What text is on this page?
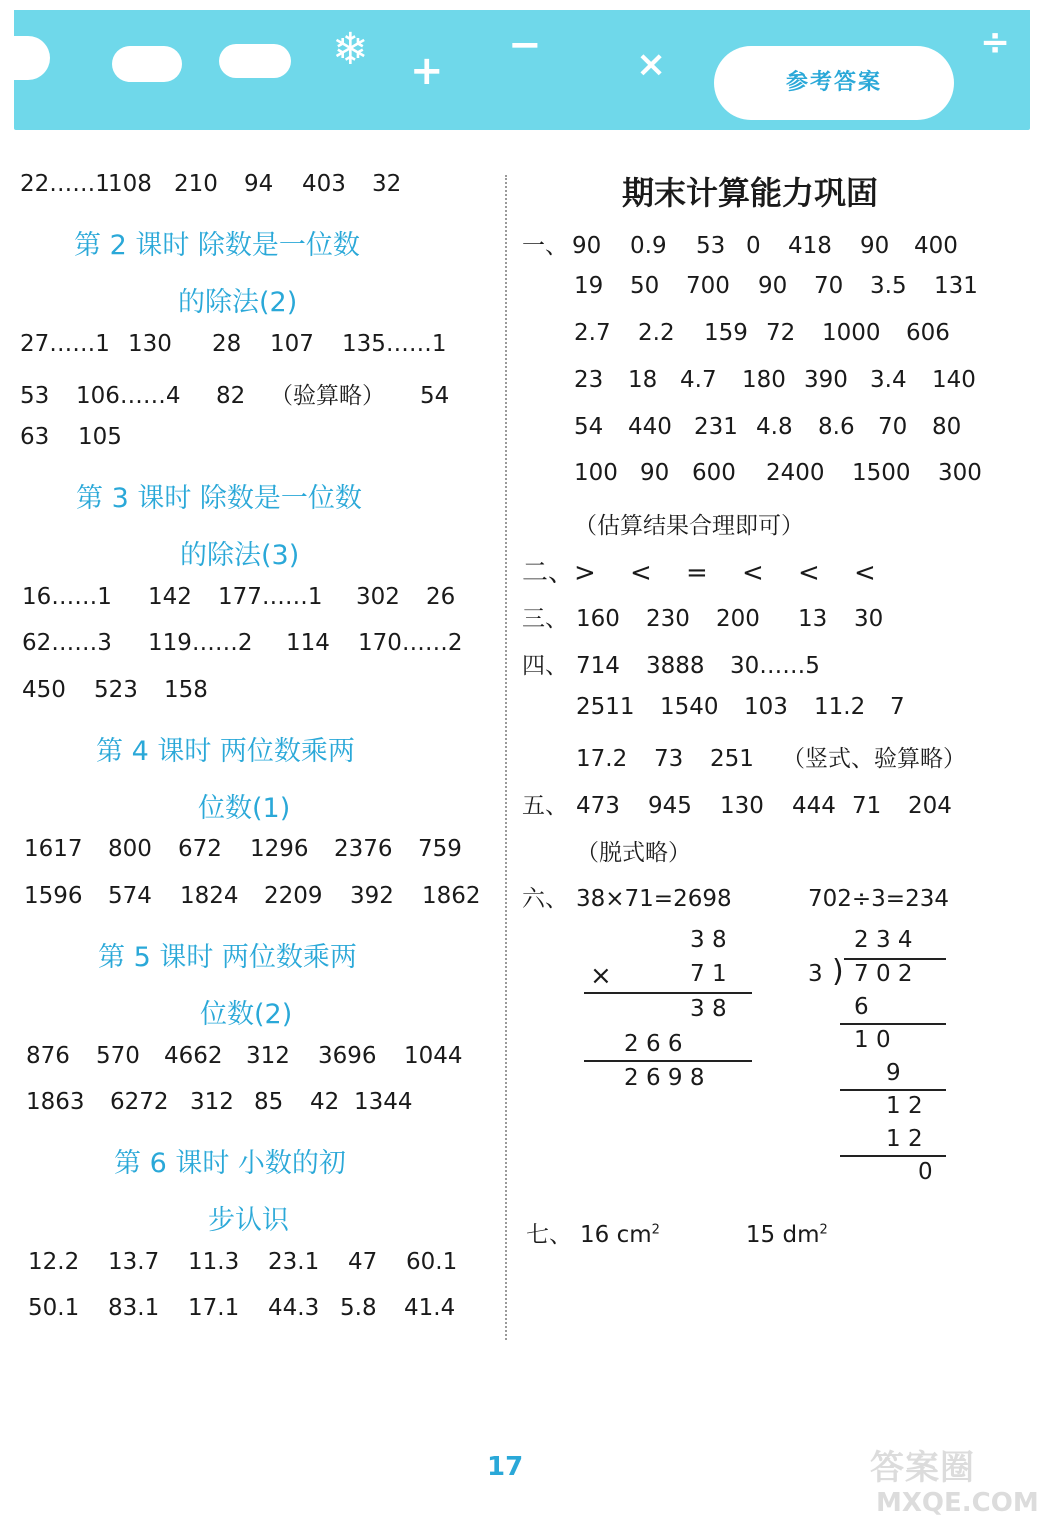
❄ +
−	×
÷
参考答案
22……1108 210 94 403 32
第 2 课时 除数是一位数
的除法(2)
27……1 130 28 107 135……1
53 106……4 82 （验算略） 54
63 105
第 3 课时 除数是一位数
的除法(3)
16……1 142 177……1 302 26
62……3 119……2 114 170……2
450 523 158
第 4 课时 两位数乘两
位数(1)
1617 800 672 1296 2376 759
1596 574 1824 2209 392 1862
第 5 课时 两位数乘两
位数(2)
876 570 4662 312 3696 1044
1863 6272 312 85 42 1344
第 6 课时 小数的初
步认识
12.2 13.7 11.3 23.1 47 60.1
50.1 83.1 17.1 44.3 5.8 41.4
期末计算能力巩固
一、 90 0.9 53 0 418 90 400
19 50 700 90 70 3.5 131
2.7 2.2 159 72 1000 606
23 18 4.7 180 390 3.4 140
54 440 231 4.8 8.6 70 80
100 90 600 2400 1500 300
（估算结果合理即可）
二、> < = < < <
三、 160 230 200 13 30
四、 714 3888 30……5
2511 1540 103 11.2 7
17.2 73 251 （竖式、验算略）
五、 473 945 130 444 71 204
（脱式略）
六、 38×71=2698	702÷3=234
3 8
×	7 1
3 8
2 6 6
2 6 9 8
2 3 4
3 ) 7 0 2
6
1 0
9
1 2
1 2
0
七、 16 $cm^2$	15 $dm^2$
17	答案圈
MXQE.COM
